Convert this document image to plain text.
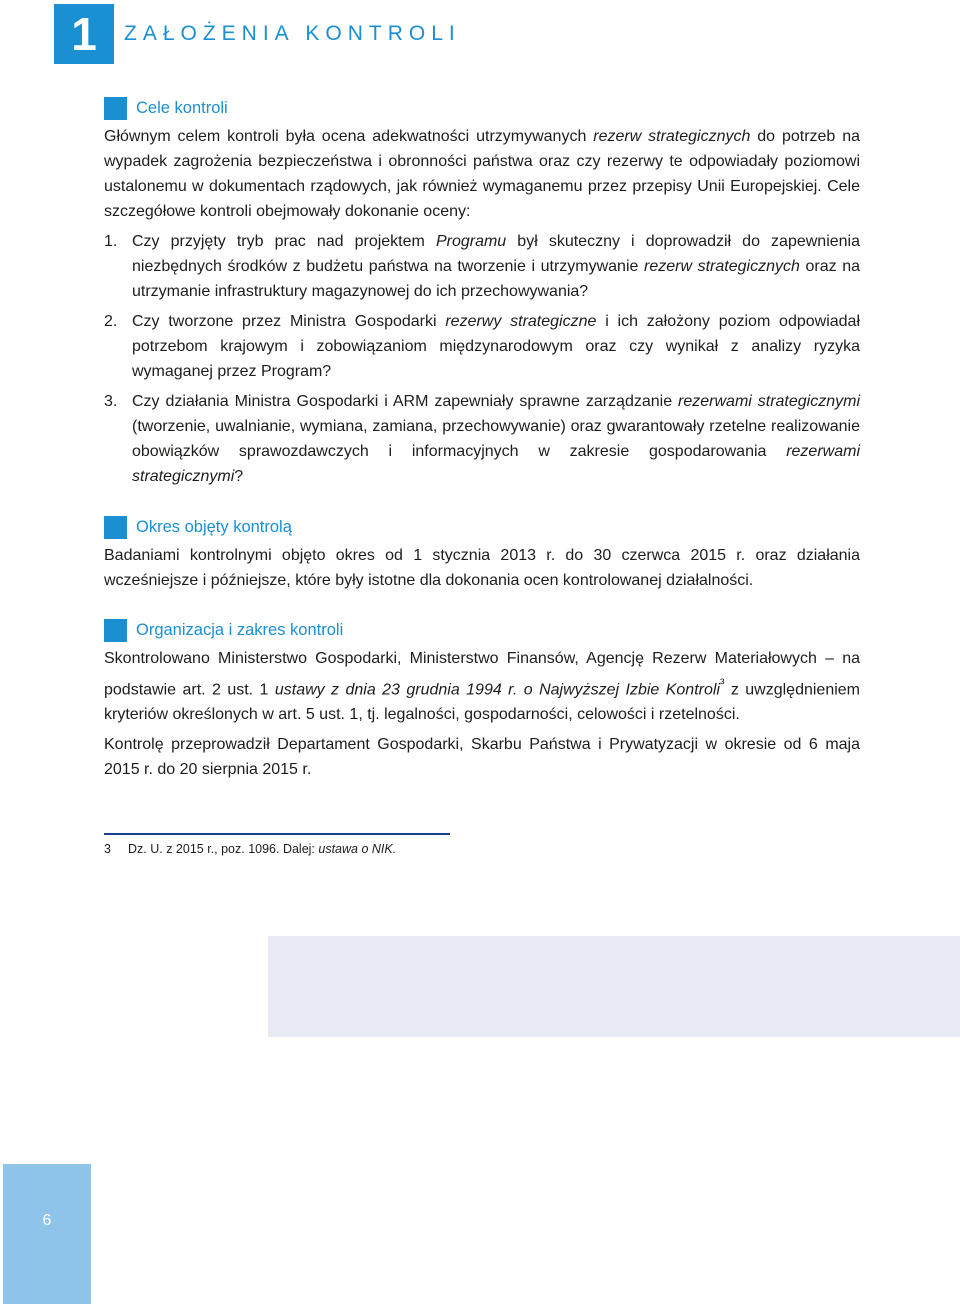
1	ZAŁOŻENIA KONTROLI
Cele kontroli

Głównym celem kontroli była ocena adekwatności utrzymywanych rezerw strategicznych do potrzeb na wypadek zagrożenia bezpieczeństwa i obronności państwa oraz czy rezerwy te odpowiadały poziomowi ustalonemu w dokumentach rządowych, jak również wymaganemu przez przepisy Unii Europejskiej. Cele szczegółowe kontroli obejmowały dokonanie oceny:

1. Czy przyjęty tryb prac nad projektem Programu był skuteczny i doprowadził do zapewnienia niezbędnych środków z budżetu państwa na tworzenie i utrzymywanie rezerw strategicznych oraz na utrzymanie infrastruktury magazynowej do ich przechowywania?
2. Czy tworzone przez Ministra Gospodarki rezerwy strategiczne i ich założony poziom odpowiadał potrzebom krajowym i zobowiązaniom międzynarodowym oraz czy wynikał z analizy ryzyka wymaganej przez Program?
3. Czy działania Ministra Gospodarki i ARM zapewniały sprawne zarządzanie rezerwami strategicznymi (tworzenie, uwalnianie, wymiana, zamiana, przechowywanie) oraz gwarantowały rzetelne realizowanie obowiązków sprawozdawczych i informacyjnych w zakresie gospodarowania rezerwami strategicznymi?
Okres objęty kontrolą

Badaniami kontrolnymi objęto okres od 1 stycznia 2013 r. do 30 czerwca 2015 r. oraz działania wcześniejsze i późniejsze, które były istotne dla dokonania ocen kontrolowanej działalności.

Organizacja i zakres kontroli

Skontrolowano Ministerstwo Gospodarki, Ministerstwo Finansów, Agencję Rezerw Materiałowych – na podstawie art. 2 ust. 1 ustawy z dnia 23 grudnia 1994 r. o Najwyższej Izbie Kontroli$^{^3}$ z uwzględnieniem kryteriów określonych w art. 5 ust. 1, tj. legalności, gospodarności, celowości i rzetelności.

Kontrolę przeprowadził Departament Gospodarki, Skarbu Państwa i Prywatyzacji w okresie od 6 maja 2015 r. do 20 sierpnia 2015 r.

3	Dz. U. z 2015 r., poz. 1096. Dalej: ustawa o NIK.
6
